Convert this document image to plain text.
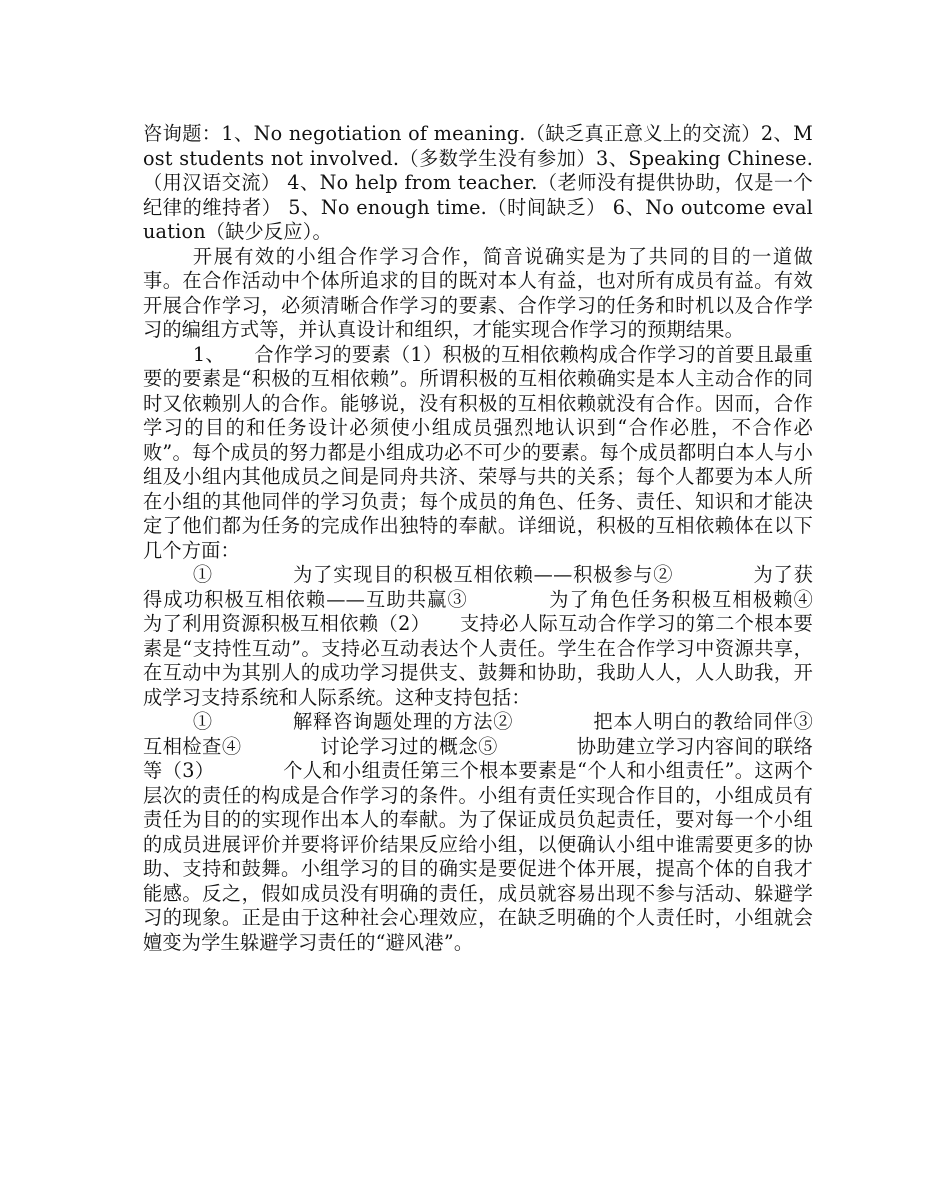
咨询题：1、No negotiation of meaning.（缺乏真正意义上的交流）2、Most students not involved.（多数学生没有参加）3、Speaking Chinese.（用汉语交流） 4、No help from teacher.（老师没有提供协助，仅是一个纪律的维持者） 5、No enough time.（时间缺乏） 6、No outcome evaluation（缺少反应）。

开展有效的小组合作学习合作，简音说确实是为了共同的目的一道做事。在合作活动中个体所追求的目的既对本人有益，也对所有成员有益。有效开展合作学习，必须清晰合作学习的要素、合作学习的任务和时机以及合作学习的编组方式等，并认真设计和组织，才能实现合作学习的预期结果。

1、　　合作学习的要素（1）积极的互相依赖构成合作学习的首要且最重要的要素是“积极的互相依赖”。所谓积极的互相依赖确实是本人主动合作的同时又依赖别人的合作。能够说，没有积极的互相依赖就没有合作。因而，合作学习的目的和任务设计必须使小组成员强烈地认识到“合作必胜，不合作必败”。每个成员的努力都是小组成功必不可少的要素。每个成员都明白本人与小组及小组内其他成员之间是同舟共济、荣辱与共的关系；每个人都要为本人所在小组的其他同伴的学习负责；每个成员的角色、任务、责任、知识和才能决定了他们都为任务的完成作出独特的奉献。详细说，积极的互相依赖体在以下几个方面：

①　　　　为了实现目的积极互相依赖——积极参与②　　　　为了获得成功积极互相依赖——互助共赢③　　　　为了角色任务积极互相极赖④　　　　为了利用资源积极互相依赖（2）　　支持必人际互动合作学习的第二个根本要素是“支持性互动”。支持必互动表达个人责任。学生在合作学习中资源共享，在互动中为其别人的成功学习提供支、鼓舞和协助，我助人人，人人助我，开成学习支持系统和人际系统。这种支持包括：

①　　　　解释咨询题处理的方法②　　　　把本人明白的教给同伴③　　　　互相检查④　　　　讨论学习过的概念⑤　　　　协助建立学习内容间的联络等（3）　　　　个人和小组责任第三个根本要素是“个人和小组责任”。这两个层次的责任的构成是合作学习的条件。小组有责任实现合作目的，小组成员有责任为目的的实现作出本人的奉献。为了保证成员负起责任，要对每一个小组的成员进展评价并要将评价结果反应给小组，以便确认小组中谁需要更多的协助、支持和鼓舞。小组学习的目的确实是要促进个体开展，提高个体的自我才能感。反之，假如成员没有明确的责任，成员就容易出现不参与活动、躲避学习的现象。正是由于这种社会心理效应，在缺乏明确的个人责任时，小组就会嬗变为学生躲避学习责任的“避风港”。
